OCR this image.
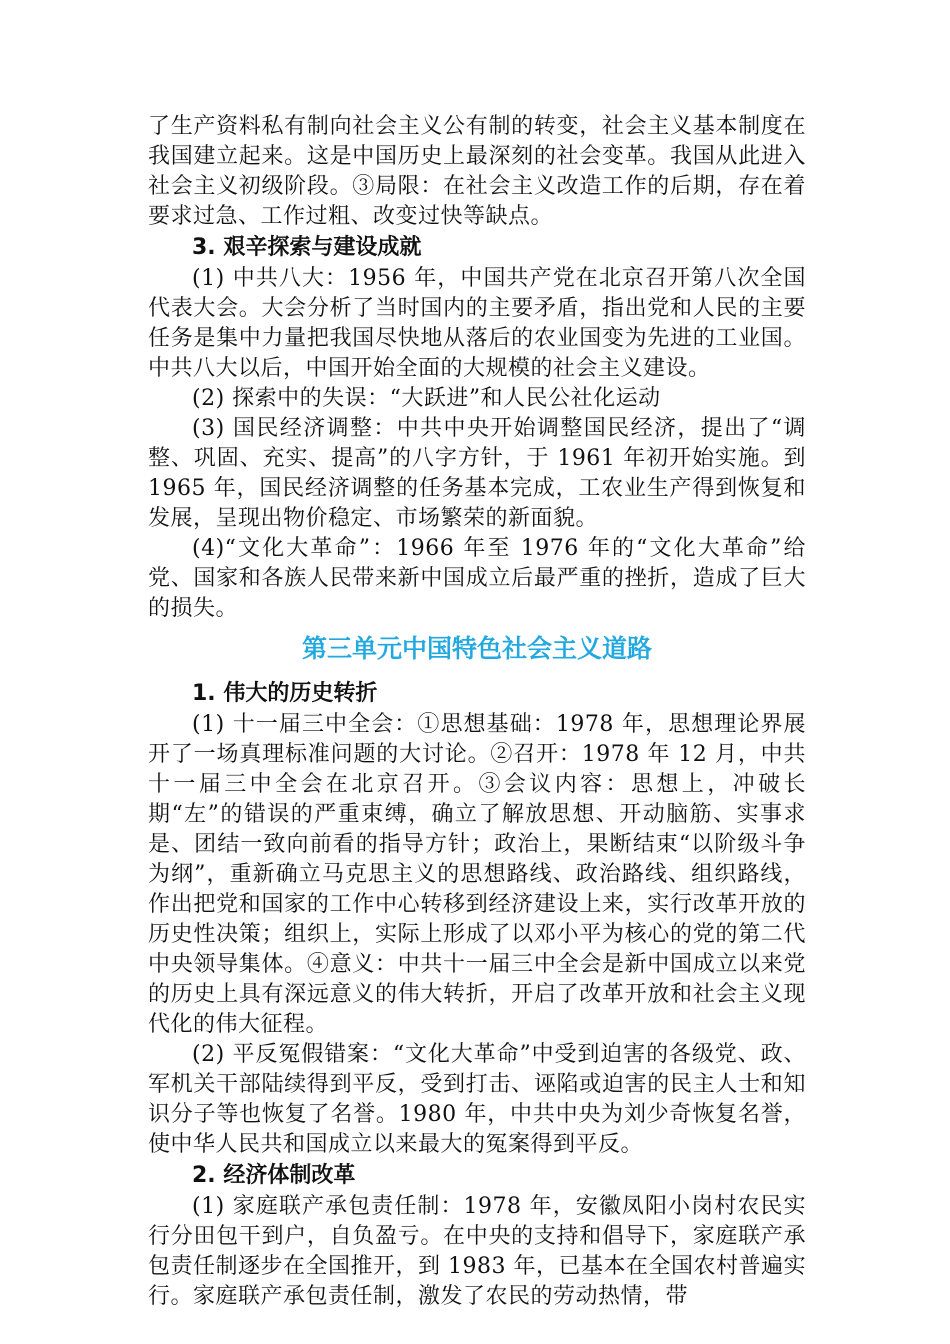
了生产资料私有制向社会主义公有制的转变，社会主义基本制度在我国建立起来。这是中国历史上最深刻的社会变革。我国从此进入社会主义初级阶段。③局限：在社会主义改造工作的后期，存在着要求过急、工作过粗、改变过快等缺点。

3. 艰辛探索与建设成就

(1) 中共八大：1956 年，中国共产党在北京召开第八次全国代表大会。大会分析了当时国内的主要矛盾，指出党和人民的主要任务是集中力量把我国尽快地从落后的农业国变为先进的工业国。中共八大以后，中国开始全面的大规模的社会主义建设。

(2) 探索中的失误：“大跃进”和人民公社化运动

(3) 国民经济调整：中共中央开始调整国民经济，提出了“调整、巩固、充实、提高”的八字方针，于 1961 年初开始实施。到 1965 年，国民经济调整的任务基本完成，工农业生产得到恢复和发展，呈现出物价稳定、市场繁荣的新面貌。

(4)“文化大革命”：1966 年至 1976 年的“文化大革命”给党、国家和各族人民带来新中国成立后最严重的挫折，造成了巨大的损失。

第三单元中国特色社会主义道路
1. 伟大的历史转折

(1) 十一届三中全会：①思想基础：1978 年，思想理论界展开了一场真理标准问题的大讨论。②召开：1978 年 12 月，中共十一届三中全会在北京召开。③会议内容：思想上，冲破长期“左”的错误的严重束缚，确立了解放思想、开动脑筋、实事求是、团结一致向前看的指导方针；政治上，果断结束“以阶级斗争为纲”，重新确立马克思主义的思想路线、政治路线、组织路线，作出把党和国家的工作中心转移到经济建设上来，实行改革开放的历史性决策；组织上，实际上形成了以邓小平为核心的党的第二代中央领导集体。④意义：中共十一届三中全会是新中国成立以来党的历史上具有深远意义的伟大转折，开启了改革开放和社会主义现代化的伟大征程。

(2) 平反冤假错案：“文化大革命”中受到迫害的各级党、政、军机关干部陆续得到平反，受到打击、诬陷或迫害的民主人士和知识分子等也恢复了名誉。1980 年，中共中央为刘少奇恢复名誉，使中华人民共和国成立以来最大的冤案得到平反。

2. 经济体制改革

(1) 家庭联产承包责任制：1978 年，安徽凤阳小岗村农民实行分田包干到户，自负盈亏。在中央的支持和倡导下，家庭联产承包责任制逐步在全国推开，到 1983 年，已基本在全国农村普遍实行。家庭联产承包责任制，激发了农民的劳动热情，带
